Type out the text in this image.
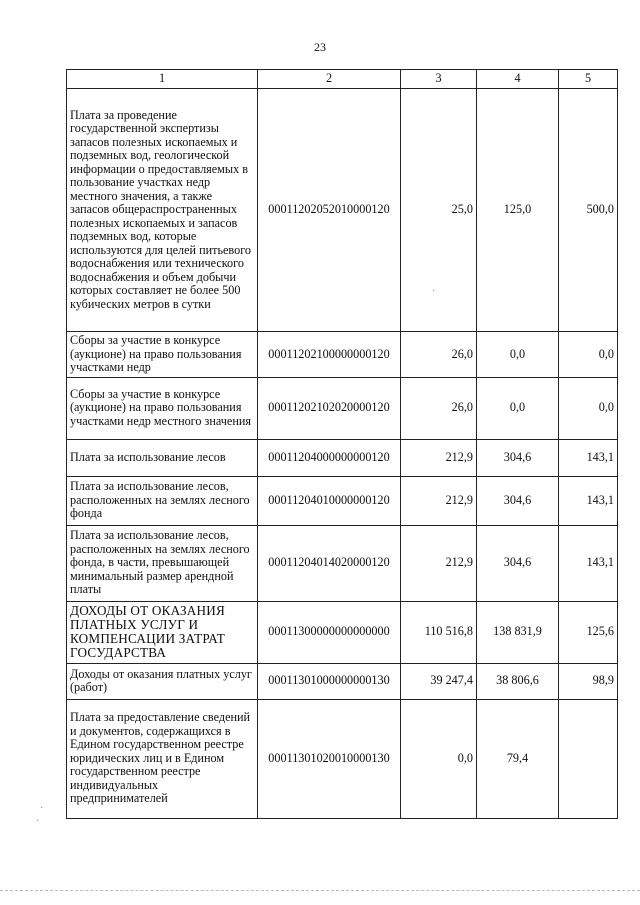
23
1	2	3	4	5
Плата за проведение государственной экспертизы запасов полезных ископаемых и подземных вод, геологической информации о предоставляемых в пользование участках недр местного значения, а также запасов общераспространенных полезных ископаемых и запасов подземных вод, которые используются для целей питьевого водоснабжения или технического водоснабжения и объем добычи которых составляет не более 500 кубических метров в сутки	00011202052010000120	25,0	125,0	500,0
Сборы за участие в конкурсе (аукционе) на право пользования участками недр	00011202100000000120	26,0	0,0	0,0
Сборы за участие в конкурсе (аукционе) на право пользования участками недр местного значения	00011202102020000120	26,0	0,0	0,0
Плата за использование лесов	00011204000000000120	212,9	304,6	143,1
Плата за использование лесов, расположенных на землях лесного фонда	00011204010000000120	212,9	304,6	143,1
Плата за использование лесов, расположенных на землях лесного фонда, в части, превышающей минимальный размер арендной платы	00011204014020000120	212,9	304,6	143,1
ДОХОДЫ ОТ ОКАЗАНИЯ ПЛАТНЫХ УСЛУГ И КОМПЕНСАЦИИ ЗАТРАТ ГОСУДАРСТВА	00011300000000000000	110 516,8	138 831,9	125,6
Доходы от оказания платных услуг (работ)	00011301000000000130	39 247,4	38 806,6	98,9
Плата за предоставление сведений и документов, содержащихся в Едином государственном реестре юридических лиц и в Едином государственном реестре индивидуальных предпринимателей	00011301020010000130	0,0	79,4	
·
·
·
